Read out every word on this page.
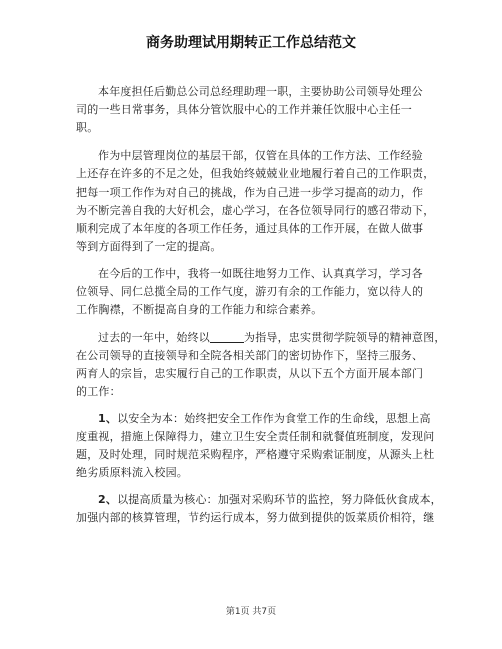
商务助理试用期转正工作总结范文
本年度担任后勤总公司总经理助理一职，主要协助公司领导处理公
司的一些日常事务，具体分管饮服中心的工作并兼任饮服中心主任一
职。
作为中层管理岗位的基层干部，仅管在具体的工作方法、工作经验
上还存在许多的不足之处，但我始终兢兢业业地履行着自己的工作职责，
把每一项工作作为对自己的挑战，作为自己进一步学习提高的动力，作
为不断完善自我的大好机会，虚心学习，在各位领导同行的感召带动下，
顺利完成了本年度的各项工作任务，通过具体的工作开展，在做人做事
等到方面得到了一定的提高。
在今后的工作中，我将一如既往地努力工作、认真真学习，学习各
位领导、同仁总揽全局的工作气度，游刃有余的工作能力，宽以待人的
工作胸襟，不断提高自身的工作能力和综合素养。
过去的一年中，始终以	为指导，忠实贯彻学院领导的精神意图，
在公司领导的直接领导和全院各相关部门的密切协作下，坚持三服务、
两育人的宗旨，忠实履行自己的工作职责，从以下五个方面开展本部门
的工作：
1、以安全为本：始终把安全工作作为食堂工作的生命线，思想上高
度重视，措施上保障得力，建立卫生安全责任制和就餐值班制度，发现问
题，及时处理，同时规范采购程序，严格遵守采购索证制度，从源头上杜
绝劣质原料流入校园。
2、以提高质量为核心：加强对采购环节的监控，努力降低伙食成本，
加强内部的核算管理，节约运行成本，努力做到提供的饭菜质价相符，继
第1页 共7页
